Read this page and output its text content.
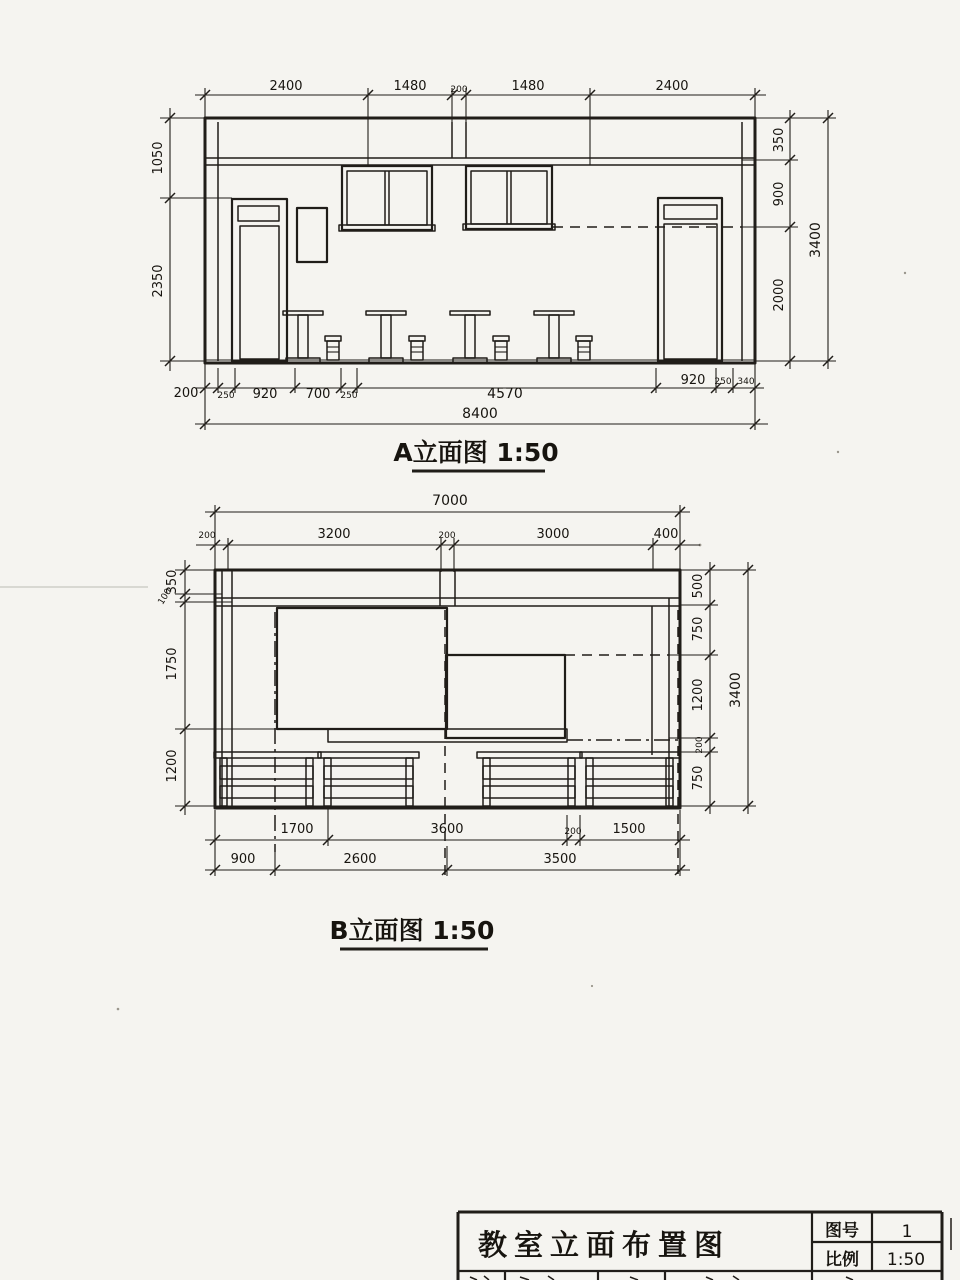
2400	1480	200	1480	2400
1050
2350
350
900
2000
3400
200 250 920 700 250	4570
920 250 340
8400
A立面图 1:50
7000
200	3200	200	3000	400
350
100
1750
1200
500
750
1200
200
750
3400
1700	3600	200 1500
900	2600	3500
B立面图 1:50
教室立面布置图	图号	1
比例 1:50
